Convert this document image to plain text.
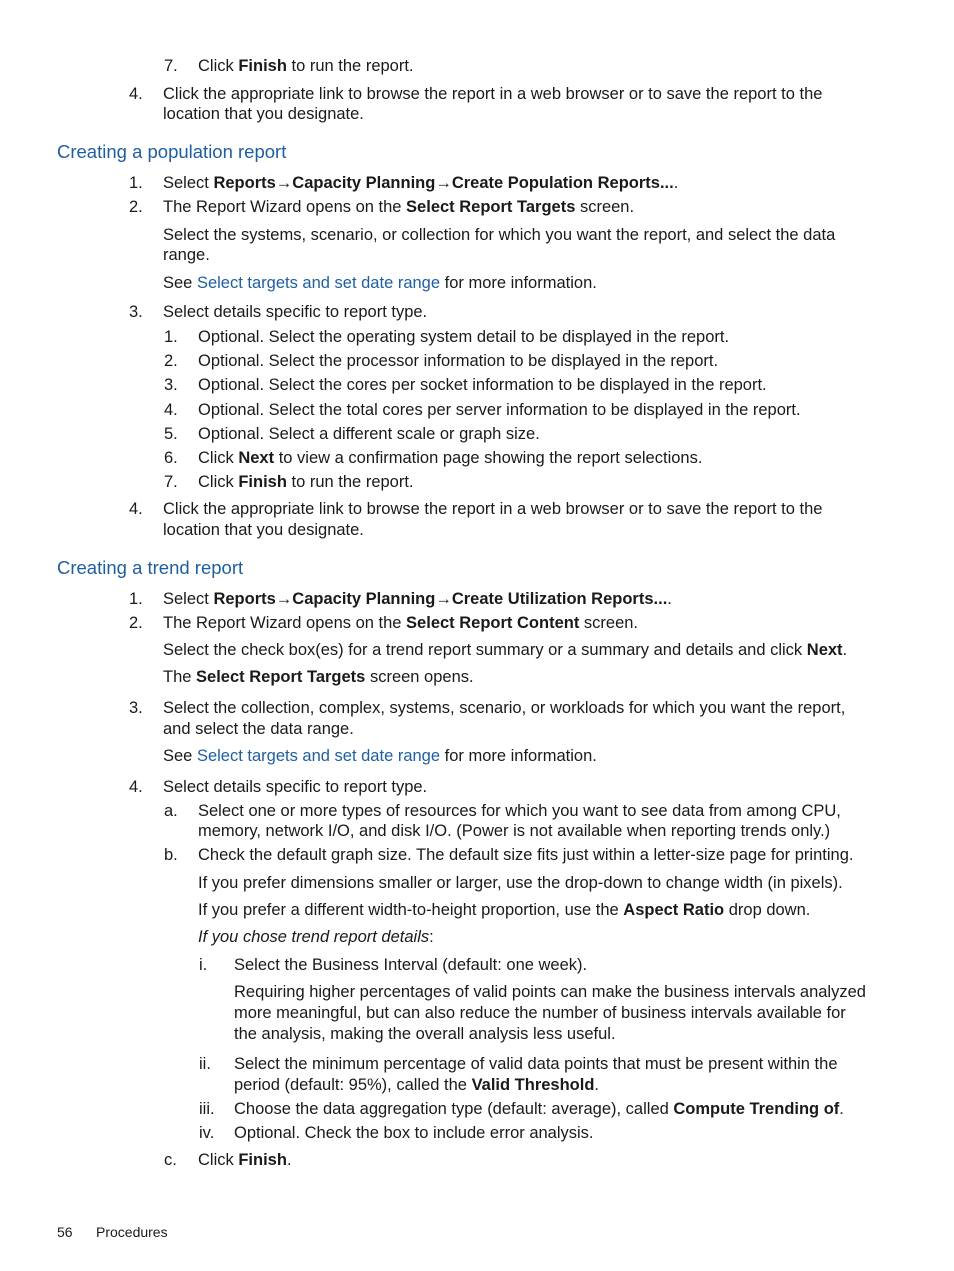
7. Click Finish to run the report.
4. Click the appropriate link to browse the report in a web browser or to save the report to the
location that you designate.
Creating a population report
1. Select Reports→Capacity Planning→Create Population Reports....
2. The Report Wizard opens on the Select Report Targets screen.
Select the systems, scenario, or collection for which you want the report, and select the data
range.
See Select targets and set date range for more information.
3. Select details specific to report type.
1. Optional. Select the operating system detail to be displayed in the report.
2. Optional. Select the processor information to be displayed in the report.
3. Optional. Select the cores per socket information to be displayed in the report.
4. Optional. Select the total cores per server information to be displayed in the report.
5. Optional. Select a different scale or graph size.
6. Click Next to view a confirmation page showing the report selections.
7. Click Finish to run the report.
4. Click the appropriate link to browse the report in a web browser or to save the report to the
location that you designate.
Creating a trend report
1. Select Reports→Capacity Planning→Create Utilization Reports....
2. The Report Wizard opens on the Select Report Content screen.
Select the check box(es) for a trend report summary or a summary and details and click Next.
The Select Report Targets screen opens.
3. Select the collection, complex, systems, scenario, or workloads for which you want the report,
and select the data range.
See Select targets and set date range for more information.
4. Select details specific to report type.
a. Select one or more types of resources for which you want to see data from among CPU,
memory, network I/O, and disk I/O. (Power is not available when reporting trends only.)
b. Check the default graph size. The default size fits just within a letter-size page for printing.
If you prefer dimensions smaller or larger, use the drop-down to change width (in pixels).
If you prefer a different width-to-height proportion, use the Aspect Ratio drop down.
If you chose trend report details:
i. Select the Business Interval (default: one week).
Requiring higher percentages of valid points can make the business intervals analyzed
more meaningful, but can also reduce the number of business intervals available for
the analysis, making the overall analysis less useful.
ii. Select the minimum percentage of valid data points that must be present within the
period (default: 95%), called the Valid Threshold.
iii. Choose the data aggregation type (default: average), called Compute Trending of.
iv. Optional. Check the box to include error analysis.
c. Click Finish.
56 Procedures
